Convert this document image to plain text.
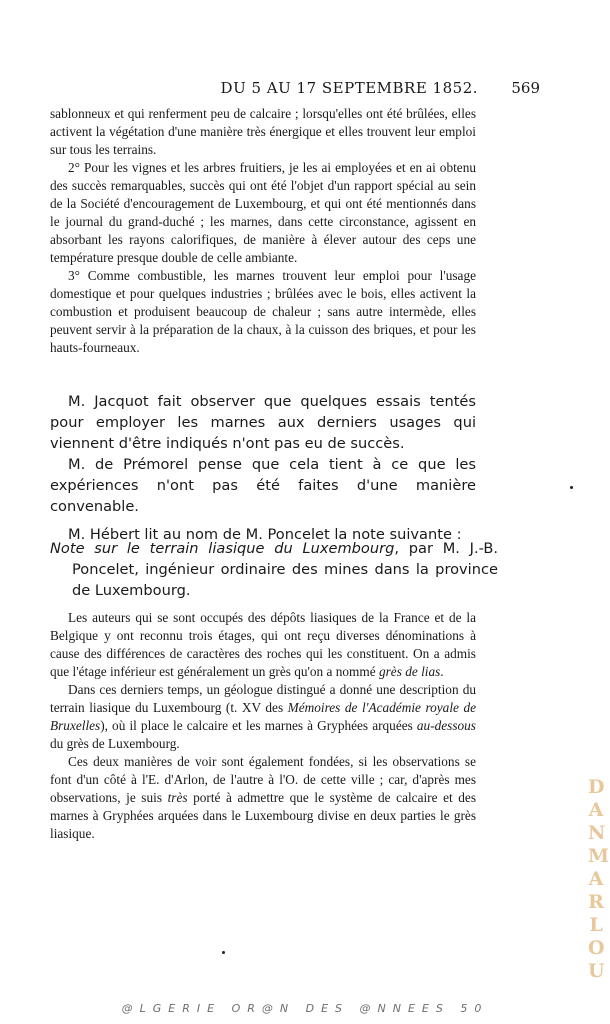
DU 5 AU 17 SEPTEMBRE 1852.	569

sablonneux et qui renferment peu de calcaire ; lorsqu'elles ont été brûlées, elles activent la végétation d'une manière très énergique et elles trouvent leur emploi sur tous les terrains.

2° Pour les vignes et les arbres fruitiers, je les ai employées et en ai obtenu des succès remarquables, succès qui ont été l'objet d'un rapport spécial au sein de la Société d'encouragement de Luxembourg, et qui ont été mentionnés dans le journal du grand-duché ; les marnes, dans cette circonstance, agissent en absorbant les rayons calorifiques, de manière à élever autour des ceps une température presque double de celle ambiante.

3° Comme combustible, les marnes trouvent leur emploi pour l'usage domestique et pour quelques industries ; brûlées avec le bois, elles activent la combustion et produisent beaucoup de chaleur ; sans autre intermède, elles peuvent servir à la préparation de la chaux, à la cuisson des briques, et pour les hauts-fourneaux.

M. Jacquot fait observer que quelques essais tentés pour employer les marnes aux derniers usages qui viennent d'être indiqués n'ont pas eu de succès.

M. de Prémorel pense que cela tient à ce que les expériences n'ont pas été faites d'une manière convenable.

M. Hébert lit au nom de M. Poncelet la note suivante :

Note sur le terrain liasique du Luxembourg, par M. J.-B. Poncelet, ingénieur ordinaire des mines dans la province de Luxembourg.

Les auteurs qui se sont occupés des dépôts liasiques de la France et de la Belgique y ont reconnu trois étages, qui ont reçu diverses dénominations à cause des différences de caractères des roches qui les constituent. On a admis que l'étage inférieur est généralement un grès qu'on a nommé grès de lias.

Dans ces derniers temps, un géologue distingué a donné une description du terrain liasique du Luxembourg (t. XV des Mémoires de l'Académie royale de Bruxelles), où il place le calcaire et les marnes à Gryphées arquées au-dessous du grès de Luxembourg.

Ces deux manières de voir sont également fondées, si les observations se font d'un côté à l'E. d'Arlon, de l'autre à l'O. de cette ville ; car, d'après mes observations, je suis très porté à admettre que le système de calcaire et des marnes à Gryphées arquées dans le Luxembourg divise en deux parties le grès liasique.

DANMARLOU
@LGERIE OR@N DES @NNEES 50
